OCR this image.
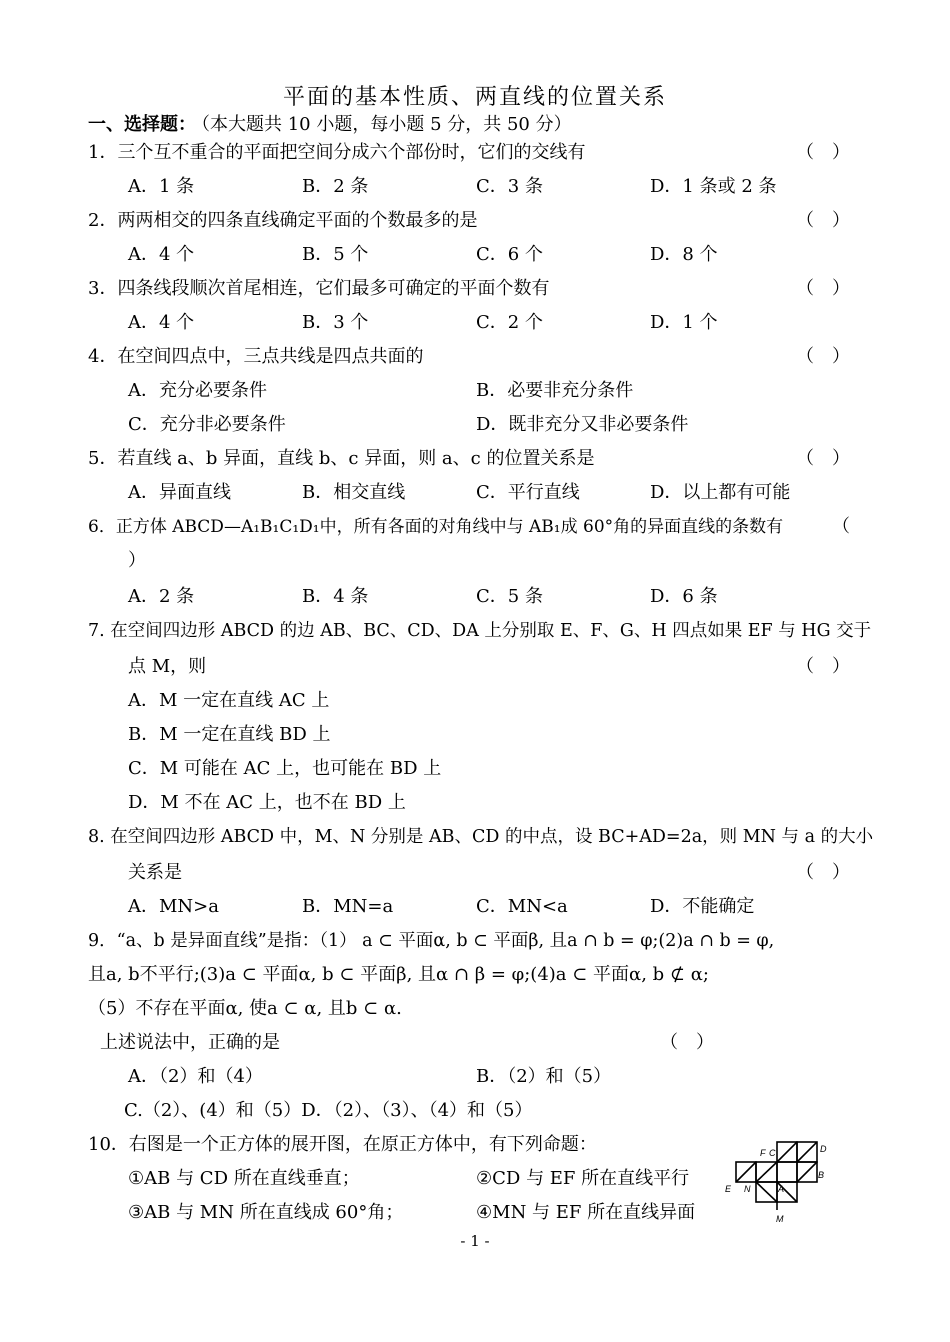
平面的基本性质、两直线的位置关系
一、选择题：
（本大题共 10 小题，每小题 5 分，共 50 分）
1．三个互不重合的平面把空间分成六个部份时，它们的交线有	（　）
A．1 条	B．2 条	C．3 条	D．1 条或 2 条
2．两两相交的四条直线确定平面的个数最多的是	（　）
A．4 个	B．5 个	C．6 个	D．8 个
3．四条线段顺次首尾相连，它们最多可确定的平面个数有	（　）
A．4 个	B．3 个	C．2 个	D．1 个
4．在空间四点中，三点共线是四点共面的	（　）
A．充分必要条件	B．必要非充分条件
C．充分非必要条件	D．既非充分又非必要条件
5．若直线 a、b 异面，直线 b、c 异面，则 a、c 的位置关系是	（　）
A．异面直线	B．相交直线	C．平行直线	D．以上都有可能
6．正方体 ABCD—A₁B₁C₁D₁中，所有各面的对角线中与 AB₁成 60°角的异面直线的条数有	（
）
A．2 条	B．4 条	C．5 条	D．6 条
7. 在空间四边形 ABCD 的边 AB、BC、CD、DA 上分别取 E、F、G、H 四点如果 EF 与 HG 交于
点 M，则	（　）
A．M 一定在直线 AC 上
B．M 一定在直线 BD 上
C．M 可能在 AC 上，也可能在 BD 上
D．M 不在 AC 上，也不在 BD 上
8. 在空间四边形 ABCD 中，M、N 分别是 AB、CD 的中点，设 BC+AD=2a，则 MN 与 a 的大小
关系是	（　）
A．MN>a	B．MN=a	C．MN<a	D．不能确定
9．“a、b 是异面直线”是指：（1） a ⊂ 平面α, b ⊂ 平面β, 且a ∩ b = φ;(2)a ∩ b = φ,
且a, b不平行;(3)a ⊂ 平面α, b ⊂ 平面β, 且α ∩ β = φ;(4)a ⊂ 平面α, b ⊄ α;
（5）不存在平面α, 使a ⊂ α, 且b ⊂ α.
上述说法中，正确的是	（　）
A．（2）和（4）	B．（2）和（5）
C.（2）、(4）和（5）D．（2）、（3）、（4）和（5）
10．右图是一个正方体的展开图，在原正方体中，有下列命题：
①AB 与 CD 所在直线垂直；	②CD 与 EF 所在直线平行
③AB 与 MN 所在直线成 60°角；	④MN 与 EF 所在直线异面
F C	D
B
E N	A
M
- 1 -
